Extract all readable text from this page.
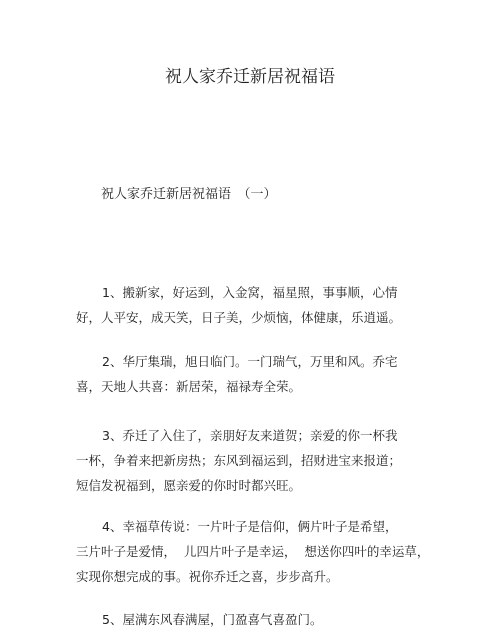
祝人家乔迁新居祝福语
祝人家乔迁新居祝福语　（一）
1、搬新家，好运到，入金窝，福星照，事事顺，心情
好，人平安，成天笑，日子美，少烦恼，体健康，乐逍遥。
2、华厅集瑞，旭日临门。一门瑞气，万里和风。乔宅
喜，天地人共喜：新居荣，福禄寿全荣。
3、乔迁了入住了，亲朋好友来道贺；亲爱的你一杯我
一杯，争着来把新房热；东风到福运到，招财进宝来报道；
短信发祝福到，愿亲爱的你时时都兴旺。
4、幸福草传说：一片叶子是信仰，俩片叶子是希望，
三片叶子是爱情，  儿四片叶子是幸运，  想送你四叶的幸运草，
实现你想完成的事。祝你乔迁之喜，步步高升。
5、屋满东风春满屋，门盈喜气喜盈门。
